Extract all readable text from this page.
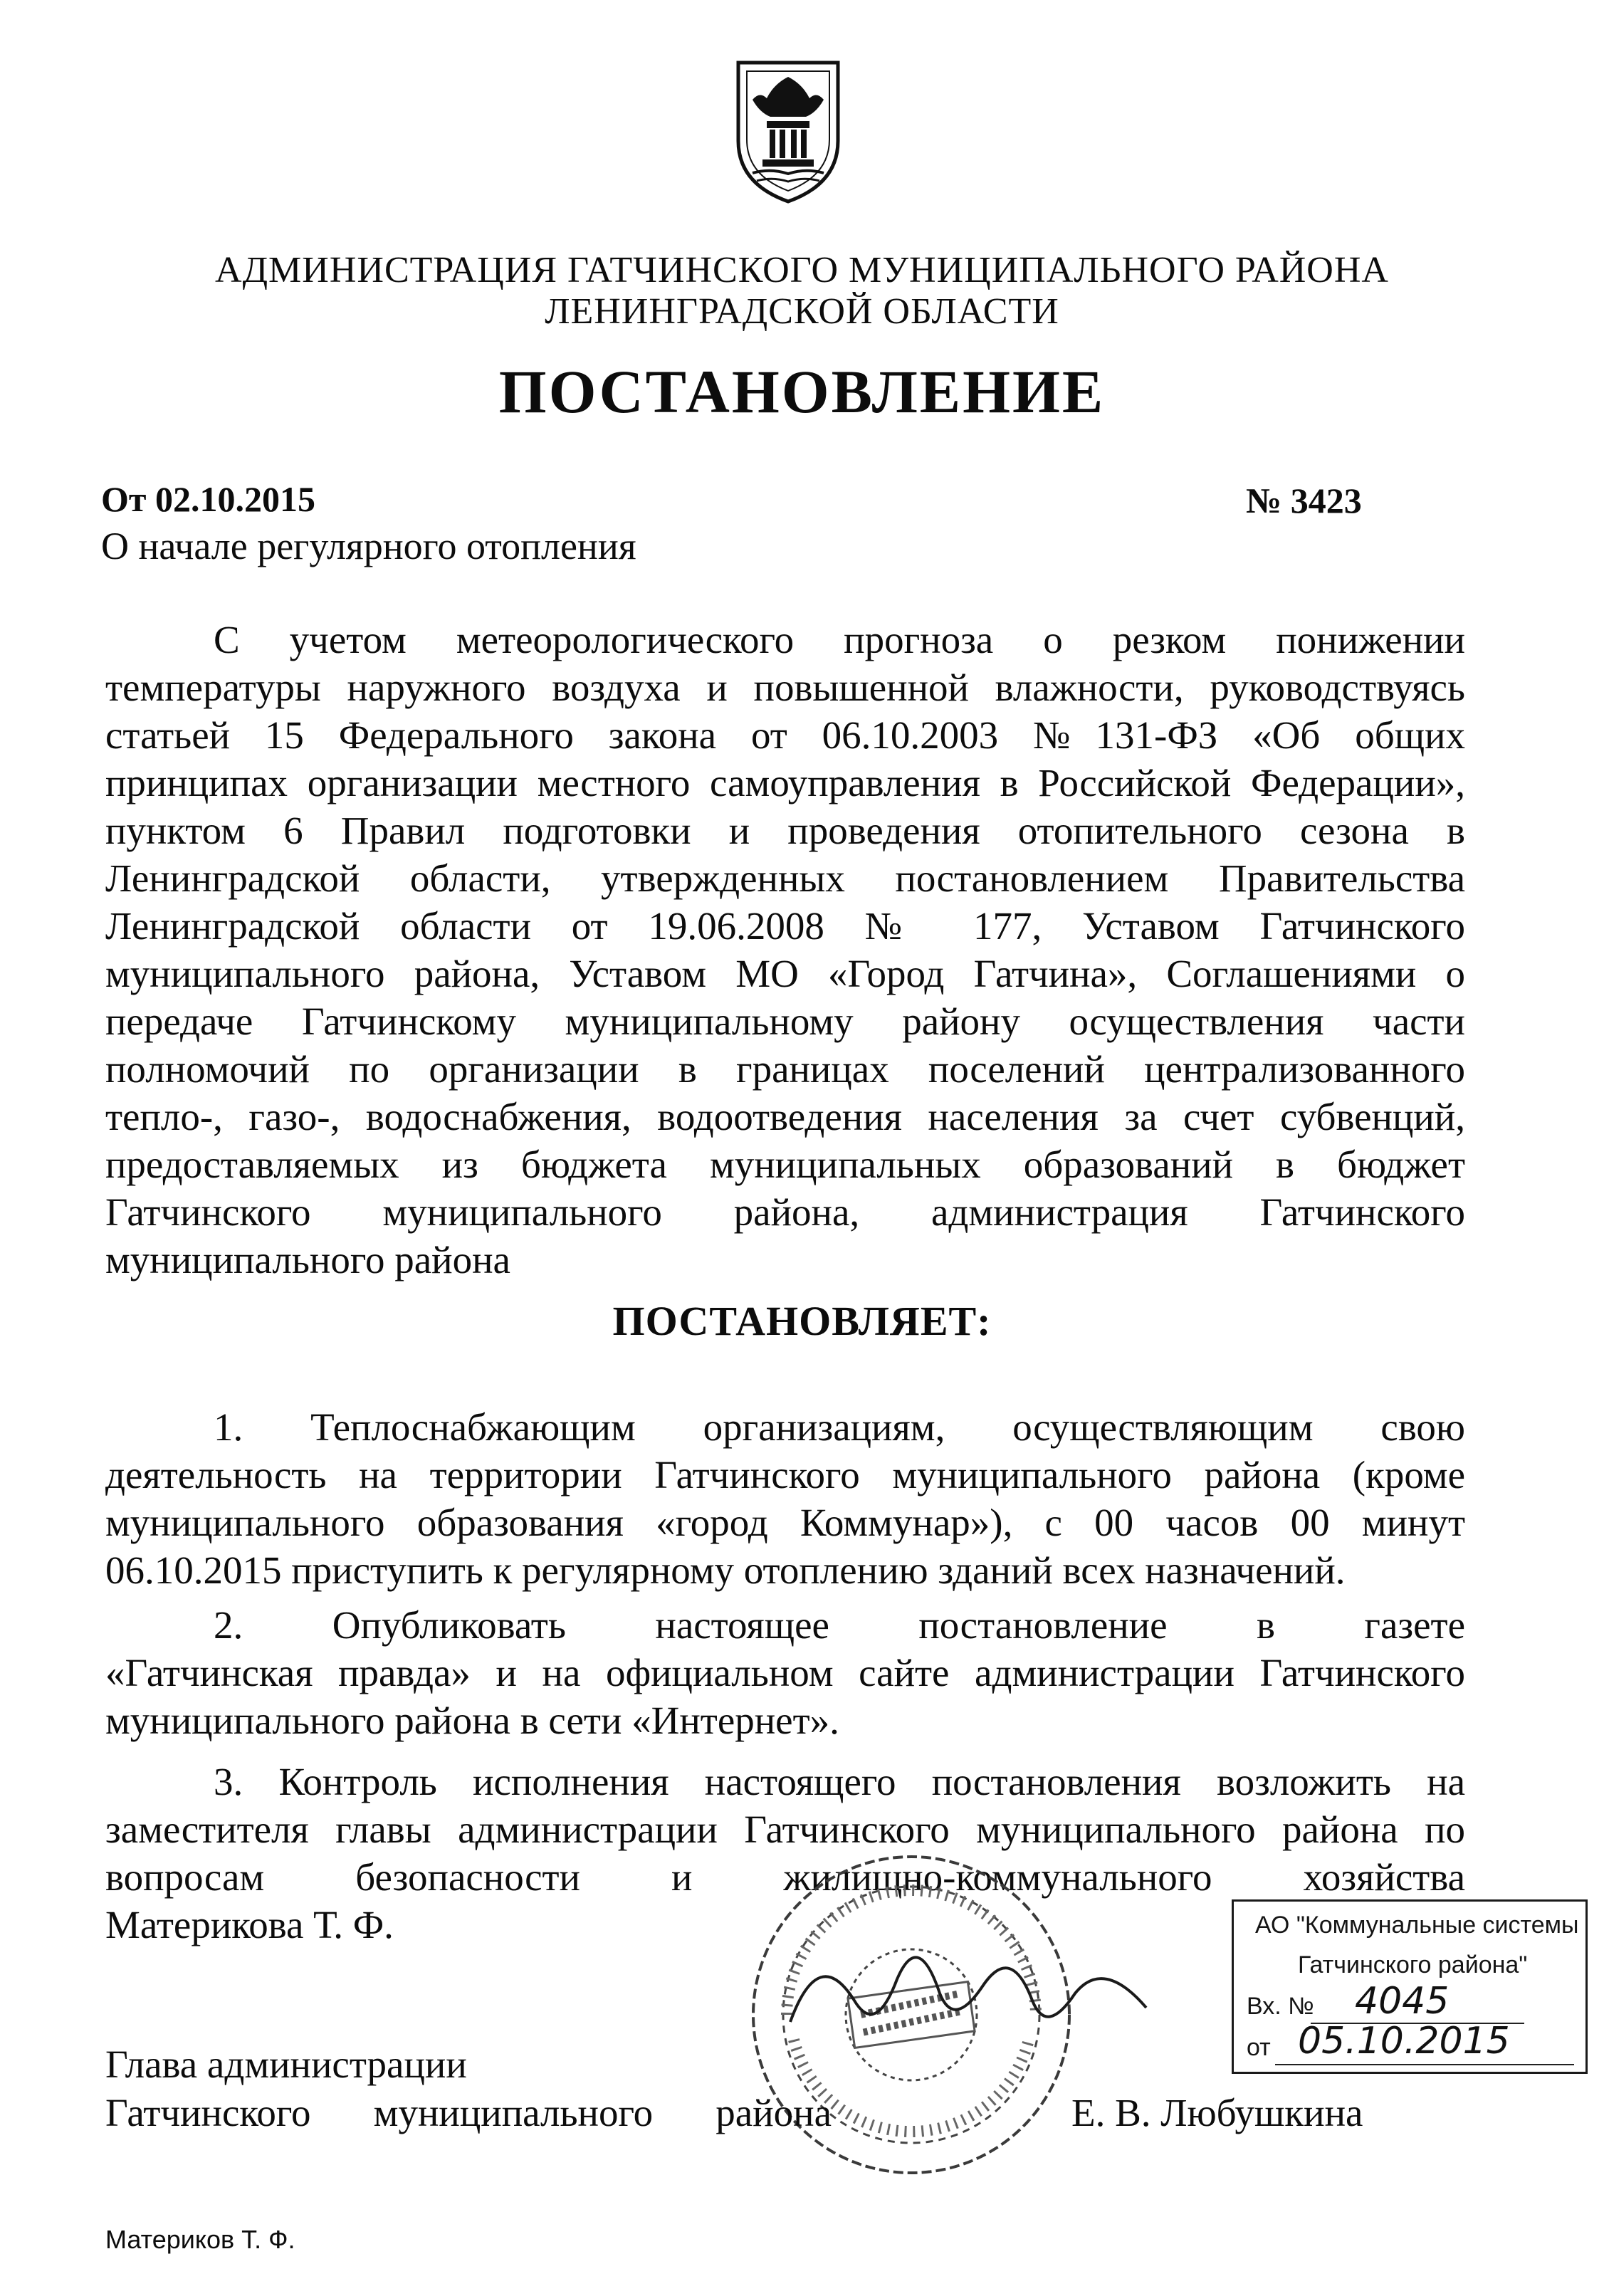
АДМИНИСТРАЦИЯ ГАТЧИНСКОГО МУНИЦИПАЛЬНОГО РАЙОНА
ЛЕНИНГРАДСКОЙ ОБЛАСТИ
ПОСТАНОВЛЕНИЕ
От 02.10.2015	№ 3423
О начале регулярного отопления
С учетом метеорологического прогноза о резком понижении
температуры наружного воздуха и повышенной влажности, руководствуясь
статьей 15 Федерального закона от 06.10.2003 №131-ФЗ «Об общих
принципах организации местного самоуправления в Российской Федерации»,
пунктом 6 Правил подготовки и проведения отопительного сезона в
Ленинградской области, утвержденных постановлением Правительства
Ленинградской области от 19.06.2008 № 177, Уставом Гатчинского
муниципального района, Уставом МО «Город Гатчина», Соглашениями о
передаче Гатчинскому муниципальному району осуществления части
полномочий по организации в границах поселений централизованного
тепло-, газо-, водоснабжения, водоотведения населения за счет субвенций,
предоставляемых из бюджета муниципальных образований в бюджет
Гатчинского муниципального района, администрация Гатчинского
муниципального района
ПОСТАНОВЛЯЕТ:
1. Теплоснабжающим организациям, осуществляющим свою
деятельность на территории Гатчинского муниципального района (кроме
муниципального образования «город Коммунар»), с 00 часов 00 минут
06.10.2015 приступить к регулярному отоплению зданий всех назначений.
2. Опубликовать настоящее постановление в газете
«Гатчинская правда» и на официальном сайте администрации Гатчинского
муниципального района в сети «Интернет».
3. Контроль исполнения настоящего постановления возложить на
заместителя главы администрации Гатчинского муниципального района по
вопросам безопасности и жилищно-коммунального хозяйства
Материкова Т. Ф.
Глава администрации
Гатчинского муниципального района	Е. В. Любушкина
АО "Коммунальные системы
Гатчинского района"
Вх. № 4045
от 05.10.2015
Материков Т. Ф.
